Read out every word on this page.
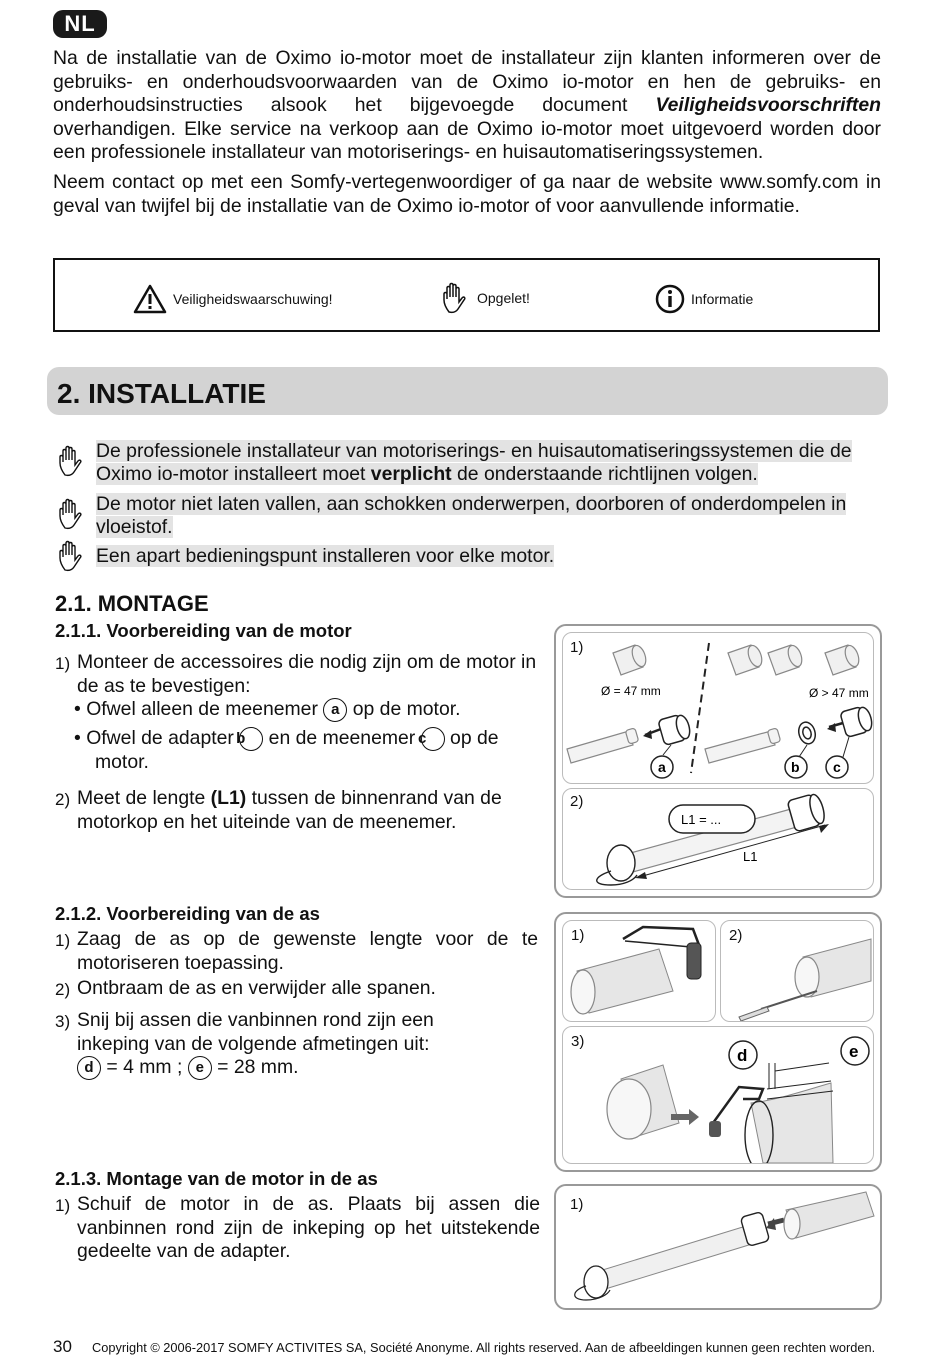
NL

Na de installatie van de Oximo io-motor moet de installateur zijn klanten informeren over de gebruiks- en onderhoudsvoorwaarden van de Oximo io-motor en hen de gebruiks- en onderhoudsinstructies alsook het bijgevoegde document Veiligheidsvoorschriften overhandigen. Elke service na verkoop aan de Oximo io-motor moet uitgevoerd worden door een professionele installateur van motoriserings- en huisautomatiseringssystemen.

Neem contact op met een Somfy-vertegenwoordiger of ga naar de website www.somfy.com in geval van twijfel bij de installatie van de Oximo io-motor of voor aanvullende informatie.

Veiligheidswaarschuwing!	Opgelet!	Informatie
2. INSTALLATIE
De professionele installateur van motoriserings- en huisautomatiseringssystemen die de Oximo io-motor installeert moet verplicht de onderstaande richtlijnen volgen.
De motor niet laten vallen, aan schokken onderwerpen, doorboren of onderdompelen in vloeistof.
Een apart bedieningspunt installeren voor elke motor.
2.1. MONTAGE
2.1.1. Voorbereiding van de motor
1) Monteer de accessoires die nodig zijn om de motor in de as te bevestigen:
• Ofwel alleen de meenemer a op de motor.
• Ofwel de adapter b en de meenemer c op de motor.
2) Meet de lengte (L1) tussen de binnenrand van de motorkop en het uiteinde van de meenemer.
1)
Ø = 47 mm	Ø > 47 mm
a	b c
2)
L1 = ...
L1
2.1.2. Voorbereiding van de as
1) Zaag de as op de gewenste lengte voor de te motoriseren toepassing.
2) Ontbraam de as en verwijder alle spanen.
3) Snij bij assen die vanbinnen rond zijn een inkeping van de volgende afmetingen uit:
d = 4 mm ; e = 28 mm.
1)	2)
3)
d	e
2.1.3. Montage van de motor in de as
1) Schuif de motor in de as. Plaats bij assen die vanbinnen rond zijn de inkeping op het uitstekende gedeelte van de adapter.
1)
30 Copyright © 2006-2017 SOMFY ACTIVITES SA, Société Anonyme. All rights reserved. Aan de afbeeldingen kunnen geen rechten worden.
